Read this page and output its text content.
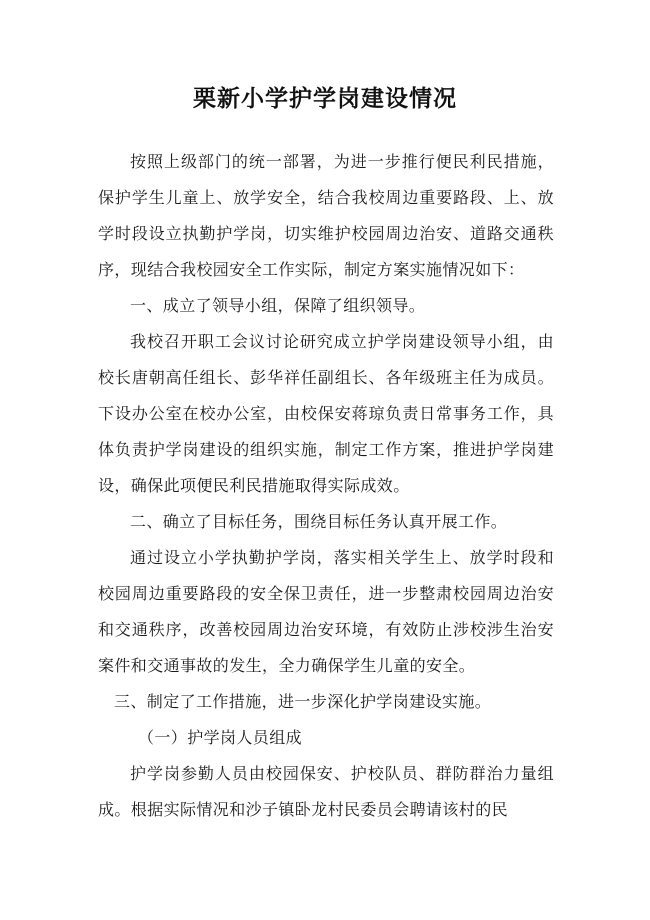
栗新小学护学岗建设情况

按照上级部门的统一部署，为进一步推行便民利民措施，保护学生儿童上、放学安全，结合我校周边重要路段、上、放学时段设立执勤护学岗，切实维护校园周边治安、道路交通秩序，现结合我校园安全工作实际，制定方案实施情况如下：

一、成立了领导小组，保障了组织领导。

我校召开职工会议讨论研究成立护学岗建设领导小组，由校长唐朝高任组长、彭华祥任副组长、各年级班主任为成员。下设办公室在校办公室，由校保安蒋琼负责日常事务工作，具体负责护学岗建设的组织实施，制定工作方案，推进护学岗建设，确保此项便民利民措施取得实际成效。

二、确立了目标任务，围绕目标任务认真开展工作。

通过设立小学执勤护学岗，落实相关学生上、放学时段和校园周边重要路段的安全保卫责任，进一步整肃校园周边治安和交通秩序，改善校园周边治安环境，有效防止涉校涉生治安案件和交通事故的发生，全力确保学生儿童的安全。

三、制定了工作措施，进一步深化护学岗建设实施。

（一）护学岗人员组成

护学岗参勤人员由校园保安、护校队员、群防群治力量组成。根据实际情况和沙子镇卧龙村民委员会聘请该村的民
